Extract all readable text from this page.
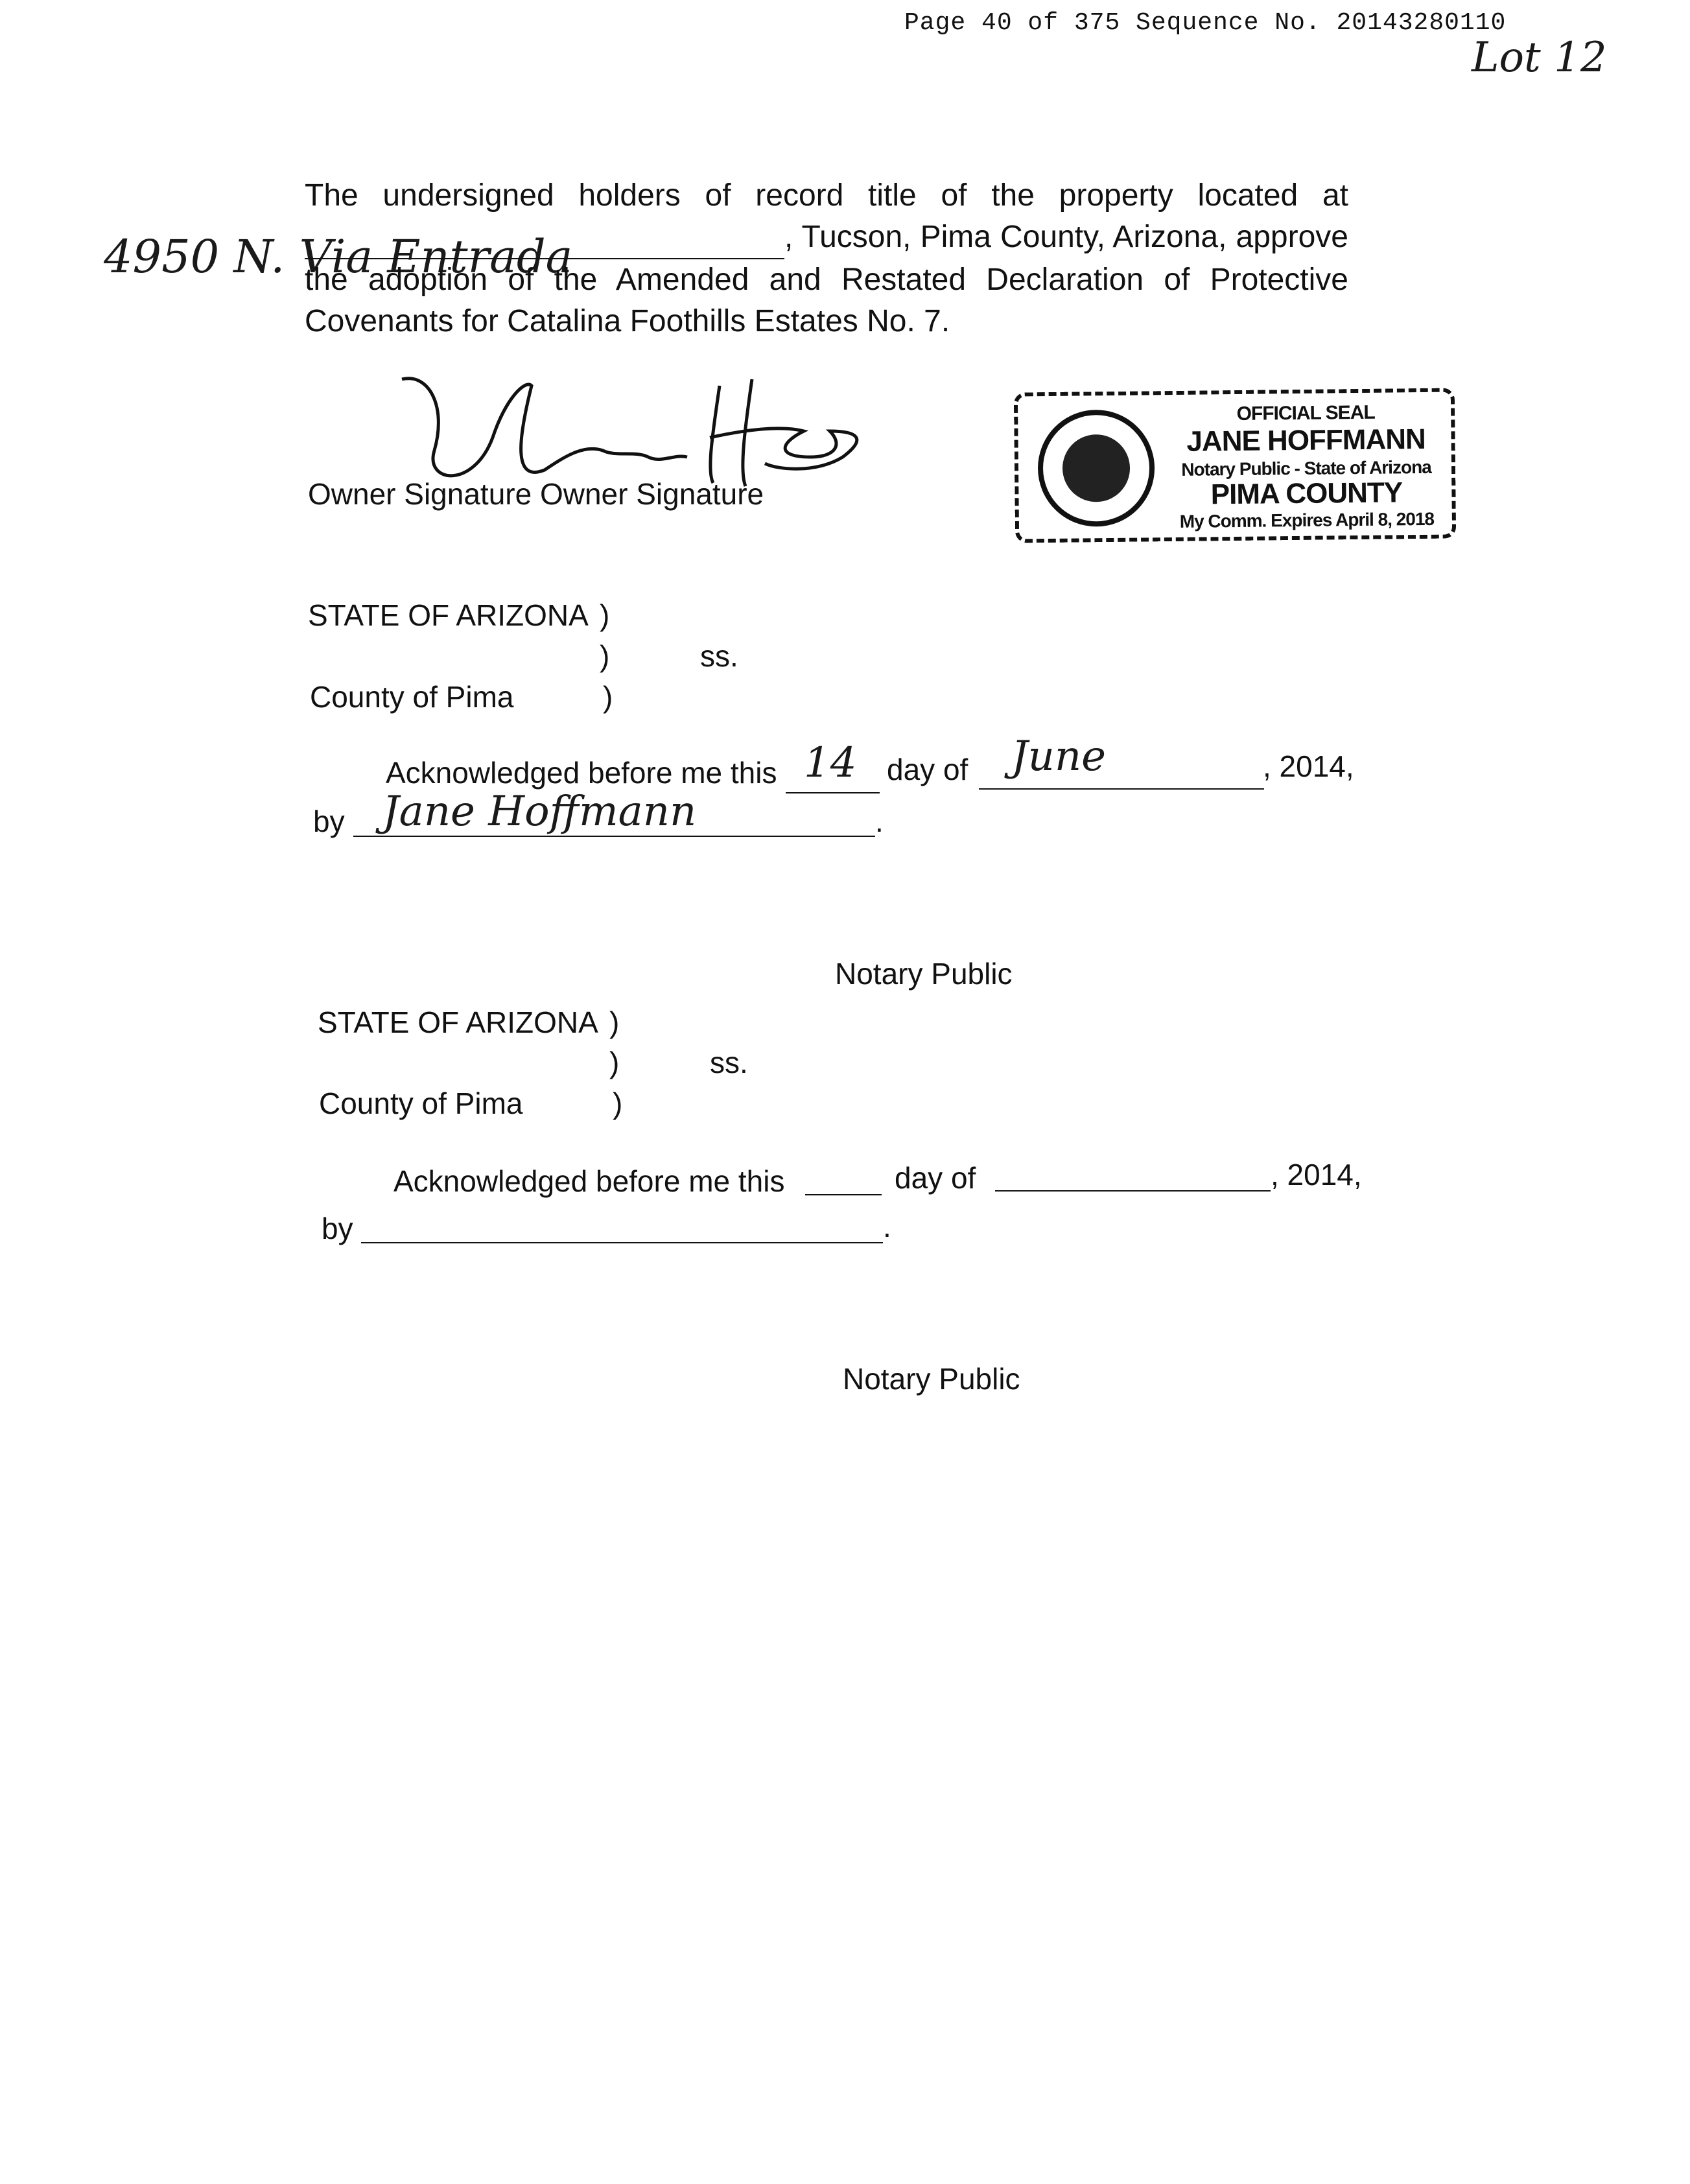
Page 40 of 375 Sequence No. 20143280110
Lot 12
4950 N. Via Entrada
The undersigned holders of record title of the property located at
, Tucson, Pima County, Arizona, approve
the adoption of the Amended and Restated Declaration of Protective
Covenants for Catalina Foothills Estates No. 7.
Owner Signature Owner Signature
OFFICIAL SEAL
JANE HOFFMANN
Notary Public - State of Arizona
PIMA COUNTY
My Comm. Expires April 8, 2018
STATE OF ARIZONA )
)	ss.
County of Pima	)
Acknowledged before me this 14 day of June	, 2014,
by Jane Hoffmann	.
Notary Public
STATE OF ARIZONA )
)	ss.
County of Pima	)
Acknowledged before me this	day of	, 2014,
by	.
Notary Public
